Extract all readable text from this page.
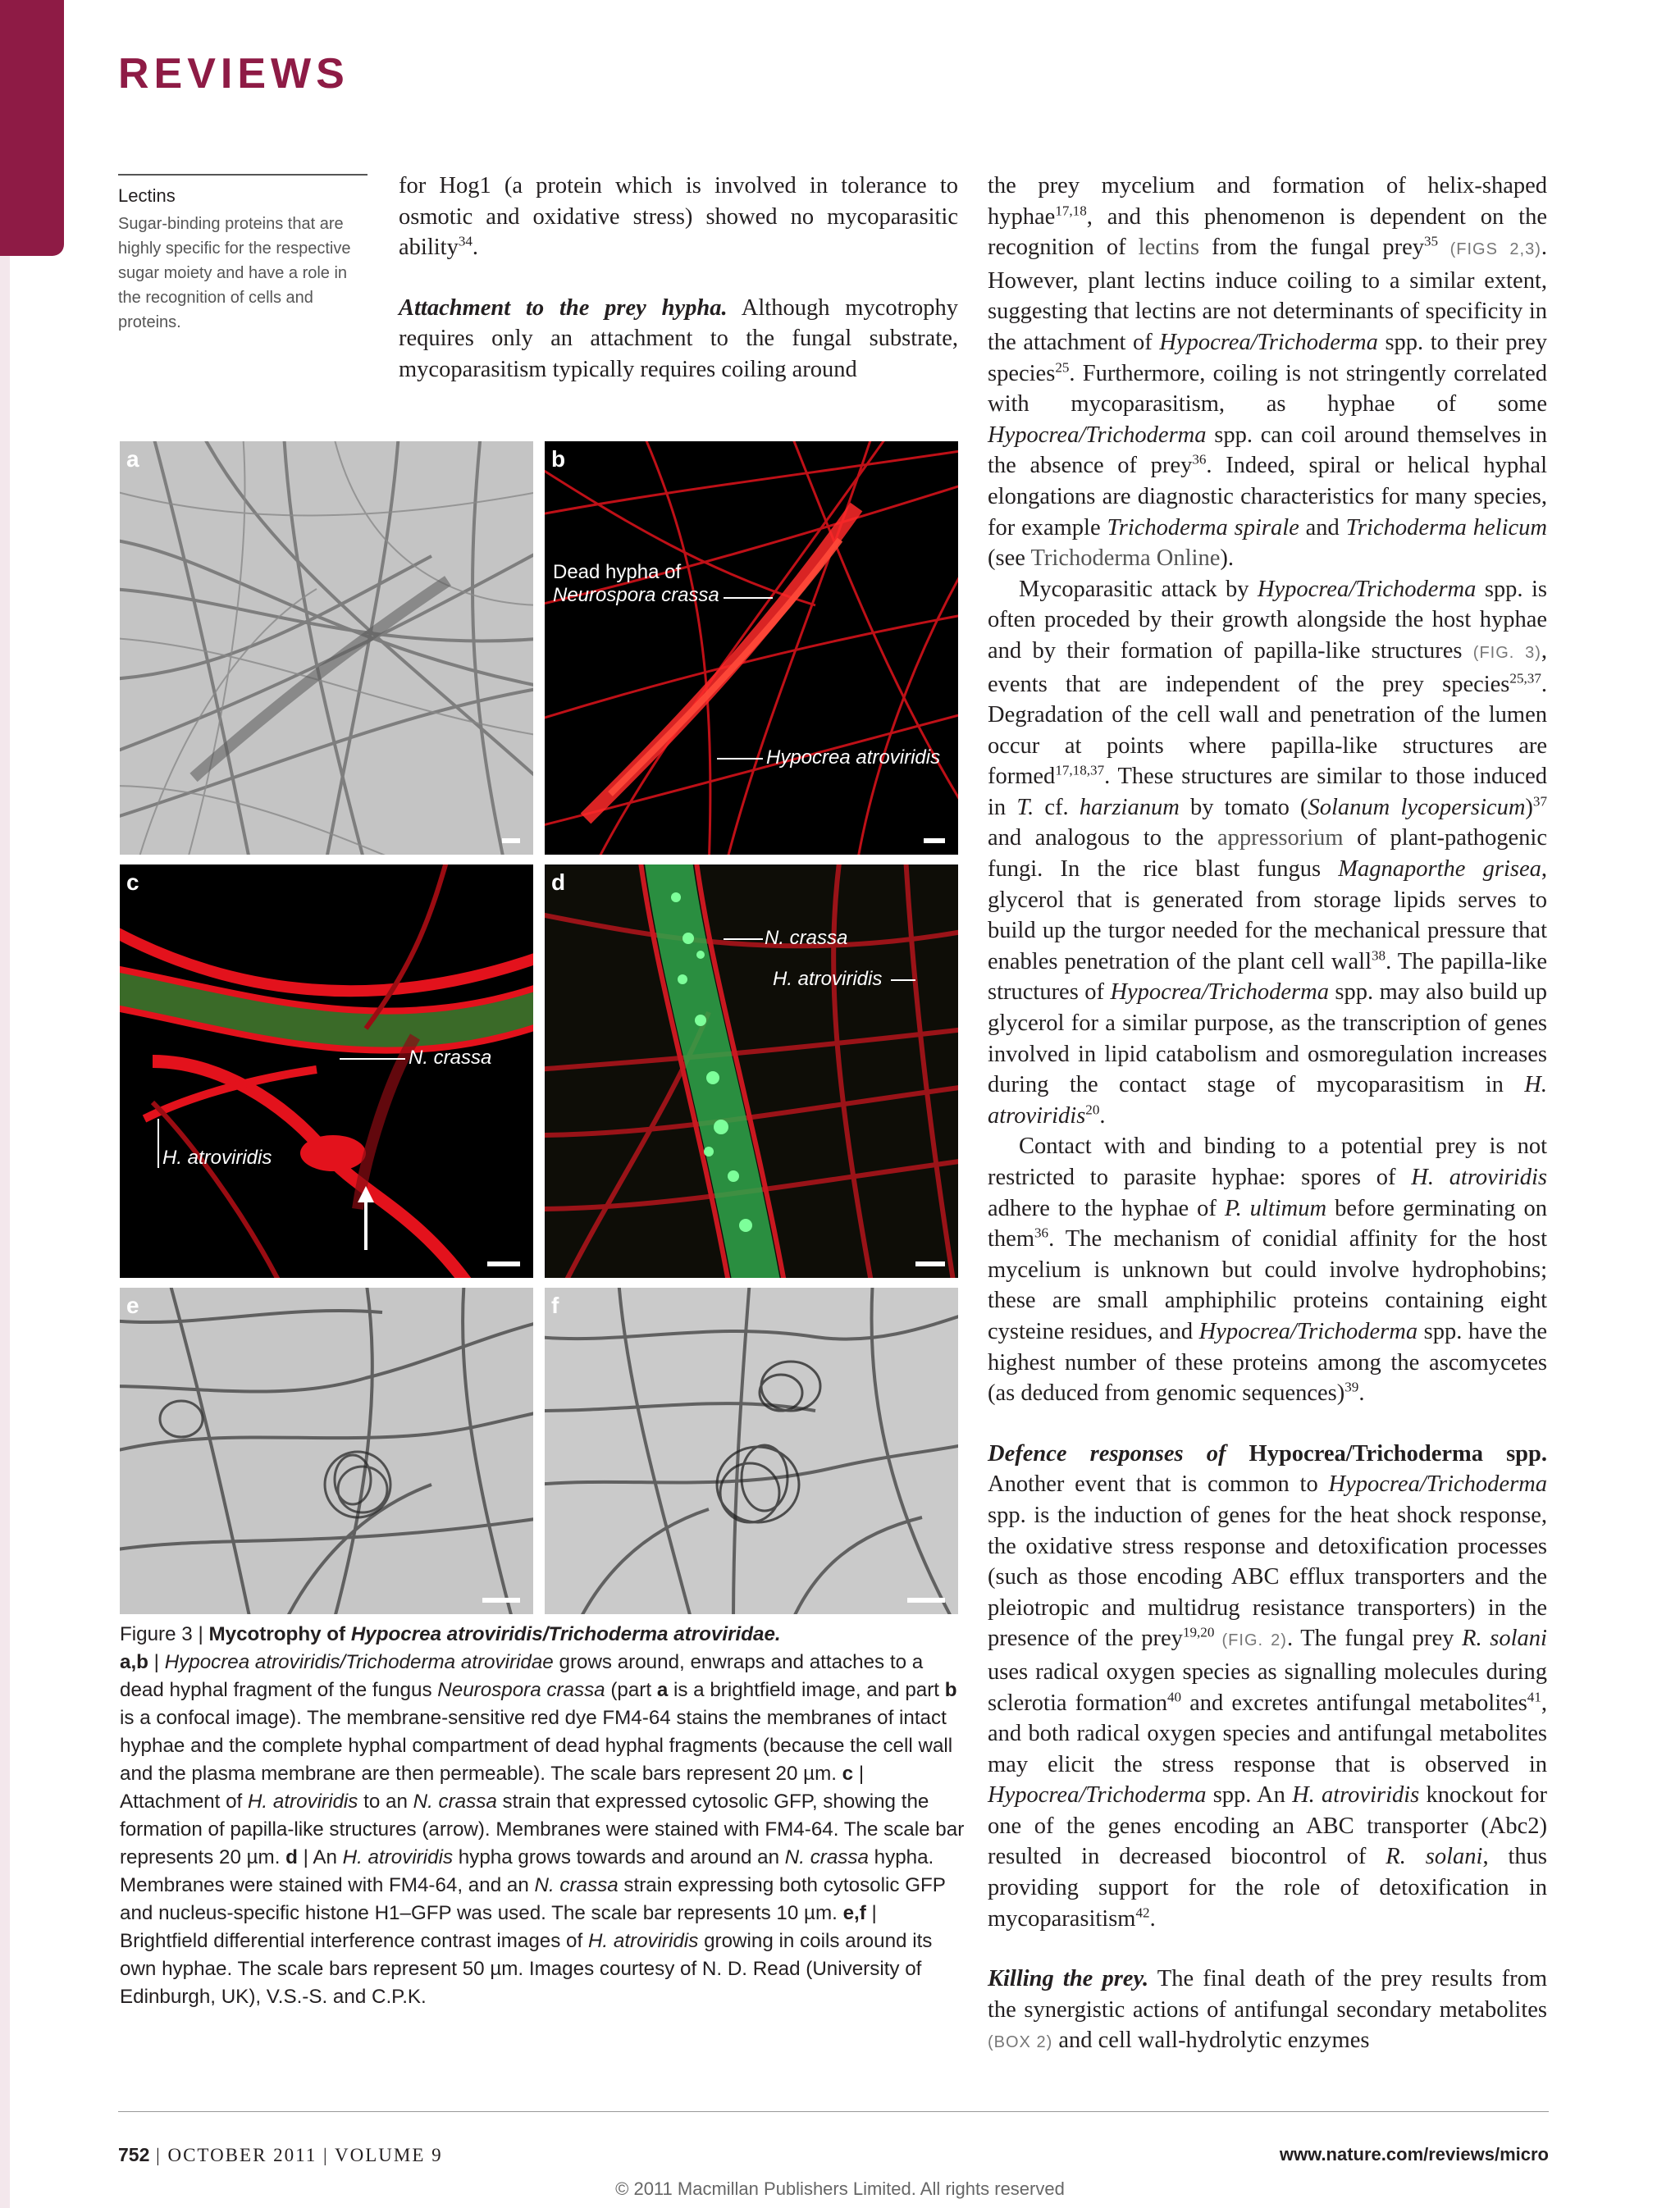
REVIEWS
Lectins
Sugar-binding proteins that are highly specific for the respective sugar moiety and have a role in the recognition of cells and proteins.

for Hog1 (a protein which is involved in tolerance to osmotic and oxidative stress) showed no mycoparasitic ability$^{34}$.

Attachment to the prey hypha. Although mycotrophy requires only an attachment to the fungal substrate, mycoparasitism typically requires coiling around

a	b
Dead hypha of
Neurospora crassa
Hypocrea atroviridis
c
N. crassa
H. atroviridis
d
N. crassa
H. atroviridis
e	f

Figure 3 | Mycotrophy of Hypocrea atroviridis/Trichoderma atroviridae.
a,b | Hypocrea atroviridis/Trichoderma atroviridae grows around, enwraps and attaches to a dead hyphal fragment of the fungus Neurospora crassa (part a is a brightfield image, and part b is a confocal image). The membrane-sensitive red dye FM4-64 stains the membranes of intact hyphae and the complete hyphal compartment of dead hyphal fragments (because the cell wall and the plasma membrane are then permeable). The scale bars represent 20 µm. c | Attachment of H. atroviridis to an N. crassa strain that expressed cytosolic GFP, showing the formation of papilla-like structures (arrow). Membranes were stained with FM4-64. The scale bar represents 20 µm. d | An H. atroviridis hypha grows towards and around an N. crassa hypha. Membranes were stained with FM4-64, and an N. crassa strain expressing both cytosolic GFP and nucleus-specific histone H1–GFP was used. The scale bar represents 10 µm. e,f | Brightfield differential interference contrast images of H. atroviridis growing in coils around its own hyphae. The scale bars represent 50 µm. Images courtesy of N. D. Read (University of Edinburgh, UK), V.S.-S. and C.P.K.

the prey mycelium and formation of helix-shaped hyphae$^{17,18}$, and this phenomenon is dependent on the recognition of lectins from the fungal prey$^{35}$ (FIGS 2,3). However, plant lectins induce coiling to a similar extent, suggesting that lectins are not determinants of specificity in the attachment of Hypocrea/Trichoderma spp. to their prey species$^{25}$. Furthermore, coiling is not stringently correlated with mycoparasitism, as hyphae of some Hypocrea/Trichoderma spp. can coil around themselves in the absence of prey$^{36}$. Indeed, spiral or helical hyphal elongations are diagnostic characteristics for many species, for example Trichoderma spirale and Trichoderma helicum (see Trichoderma Online).

Mycoparasitic attack by Hypocrea/Trichoderma spp. is often proceded by their growth alongside the host hyphae and by their formation of papilla-like structures (FIG. 3), events that are independent of the prey species$^{25,37}$. Degradation of the cell wall and penetration of the lumen occur at points where papilla-like structures are formed$^{17,18,37}$. These structures are similar to those induced in T. cf. harzianum by tomato (Solanum lycopersicum)$^{37}$ and analogous to the appressorium of plant-pathogenic fungi. In the rice blast fungus Magnaporthe grisea, glycerol that is generated from storage lipids serves to build up the turgor needed for the mechanical pressure that enables penetration of the plant cell wall$^{38}$. The papilla-like structures of Hypocrea/Trichoderma spp. may also build up glycerol for a similar purpose, as the transcription of genes involved in lipid catabolism and osmoregulation increases during the contact stage of mycoparasitism in H. atroviridis$^{20}$.

Contact with and binding to a potential prey is not restricted to parasite hyphae: spores of H. atroviridis adhere to the hyphae of P. ultimum before germinating on them$^{36}$. The mechanism of conidial affinity for the host mycelium is unknown but could involve hydrophobins; these are small amphiphilic proteins containing eight cysteine residues, and Hypocrea/Trichoderma spp. have the highest number of these proteins among the ascomycetes (as deduced from genomic sequences)$^{39}$.

Defence responses of Hypocrea/Trichoderma spp. Another event that is common to Hypocrea/Trichoderma spp. is the induction of genes for the heat shock response, the oxidative stress response and detoxification processes (such as those encoding ABC efflux transporters and the pleiotropic and multidrug resistance transporters) in the presence of the prey$^{19,20}$ (FIG. 2). The fungal prey R. solani uses radical oxygen species as signalling molecules during sclerotia formation$^{40}$ and excretes antifungal metabolites$^{41}$, and both radical oxygen species and antifungal metabolites may elicit the stress response that is observed in Hypocrea/Trichoderma spp. An H. atroviridis knockout for one of the genes encoding an ABC transporter (Abc2) resulted in decreased biocontrol of R. solani, thus providing support for the role of detoxification in mycoparasitism$^{42}$.

Killing the prey. The final death of the prey results from the synergistic actions of antifungal secondary metabolites (BOX 2) and cell wall-hydrolytic enzymes

752 | OCTOBER 2011 | VOLUME 9	www.nature.com/reviews/micro
© 2011 Macmillan Publishers Limited. All rights reserved
